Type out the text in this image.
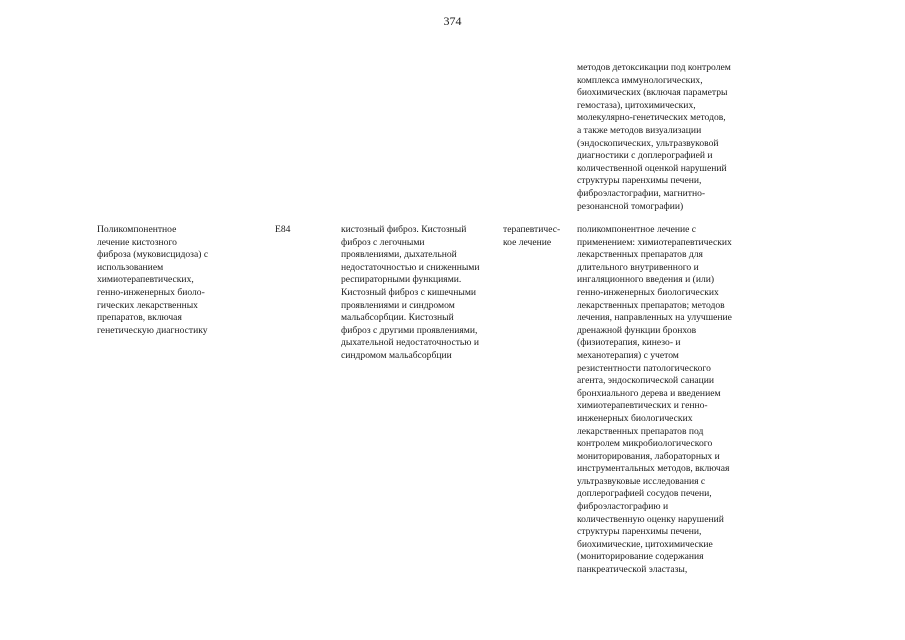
374
методов детоксикации под контролем
комплекса иммунологических,
биохимических (включая параметры
гемостаза), цитохимических,
молекулярно-генетических методов,
а также методов визуализации
(эндоскопических, ультразвуковой
диагностики с доплерографией и
количественной оценкой нарушений
структуры паренхимы печени,
фиброэластографии, магнитно-
резонансной томографии)
Поликомпонентное
лечение кистозного
фиброза (муковисцидоза) с
использованием
химиотерапевтических,
генно-инженерных биоло-
гических лекарственных
препаратов, включая
генетическую диагностику
E84	кистозный фиброз. Кистозный
фиброз с легочными
проявлениями, дыхательной
недостаточностью и сниженными
респираторными функциями.
Кистозный фиброз с кишечными
проявлениями и синдромом
мальабсорбции. Кистозный
фиброз с другими проявлениями,
дыхательной недостаточностью и
синдромом мальабсорбции
терапевтичес-
кое лечение
поликомпонентное лечение с
применением: химиотерапевтических
лекарственных препаратов для
длительного внутривенного и
ингаляционного введения и (или)
генно-инженерных биологических
лекарственных препаратов; методов
лечения, направленных на улучшение
дренажной функции бронхов
(физиотерапия, кинезо- и
механотерапия) с учетом
резистентности патологического
агента, эндоскопической санации
бронхиального дерева и введением
химиотерапевтических и генно-
инженерных биологических
лекарственных препаратов под
контролем микробиологического
мониторирования, лабораторных и
инструментальных методов, включая
ультразвуковые исследования с
доплерографией сосудов печени,
фиброэластографию и
количественную оценку нарушений
структуры паренхимы печени,
биохимические, цитохимические
(мониторирование содержания
панкреатической эластазы,
